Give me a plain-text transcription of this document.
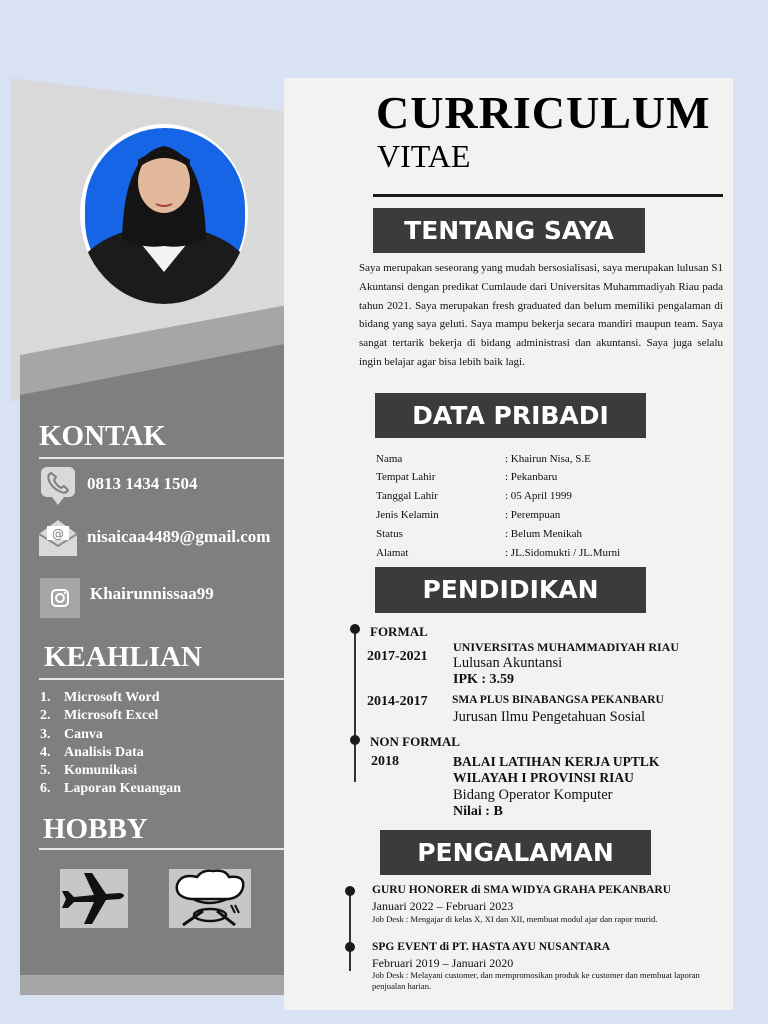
KONTAK
0813 1434 1504
@ nisaicaa4489@gmail.com
Khairunnissaa99
KEAHLIAN
1. Microsoft Word
2. Microsoft Excel
3. Canva
4. Analisis Data
5. Komunikasi
6. Laporan Keuangan
HOBBY
CURRICULUM
VITAE
TENTANG SAYA

Saya merupakan seseorang yang mudah bersosialisasi, saya merupakan lulusan S1 Akuntansi dengan predikat Cumlaude dari Universitas Muhammadiyah Riau pada tahun 2021. Saya merupakan fresh graduated dan belum memiliki pengalaman di bidang yang saya geluti. Saya mampu bekerja secara mandiri maupun team. Saya sangat tertarik bekerja di bidang administrasi dan akuntansi. Saya juga selalu ingin belajar agar bisa lebih baik lagi.

DATA PRIBADI
Nama	: Khairun Nisa, S.E
Tempat Lahir	: Pekanbaru
Tanggal Lahir	: 05 April 1999
Jenis Kelamin	: Perempuan
Status	: Belum Menikah
Alamat	: JL.Sidomukti / JL.Murni
PENDIDIKAN
FORMAL
2017-2021
UNIVERSITAS MUHAMMADIYAH RIAU
Lulusan Akuntansi
IPK : 3.59
2014-2017 SMA PLUS BINABANGSA PEKANBARU
Jurusan Ilmu Pengetahuan Sosial
NON FORMAL
2018	BALAI LATIHAN KERJA UPTLK
WILAYAH I PROVINSI RIAU
Bidang Operator Komputer
Nilai : B
PENGALAMAN
GURU HONORER di SMA WIDYA GRAHA PEKANBARU
Januari 2022 – Februari 2023

Job Desk : Mengajar di kelas X, XI dan XII, membuat modul ajar dan rapor murid.

SPG EVENT di PT. HASTA AYU NUSANTARA
Februari 2019 – Januari 2020

Job Desk : Melayani customer, dan mempromosikan produk ke customer dan membuat laporan penjualan harian.
